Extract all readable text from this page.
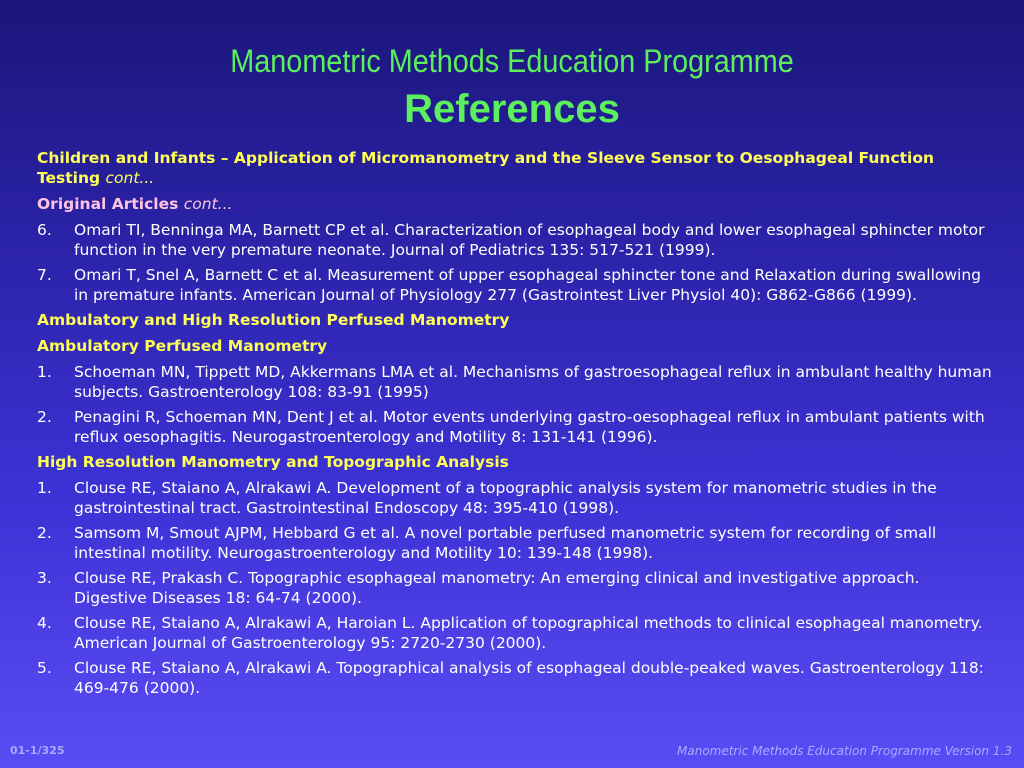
Manometric Methods Education Programme
References
Children and Infants – Application of Micromanometry and the Sleeve Sensor to Oesophageal Function Testing cont...
Original Articles cont...
6.	Omari TI, Benninga MA, Barnett CP et al. Characterization of esophageal body and lower esophageal sphincter motor function in the very premature neonate. Journal of Pediatrics 135: 517-521 (1999).
7.	Omari T, Snel A, Barnett C et al. Measurement of upper esophageal sphincter tone and Relaxation during swallowing in premature infants. American Journal of Physiology 277 (Gastrointest Liver Physiol 40): G862-G866 (1999).
Ambulatory and High Resolution Perfused Manometry
Ambulatory Perfused Manometry
1.	Schoeman MN, Tippett MD, Akkermans LMA et al. Mechanisms of gastroesophageal reflux in ambulant healthy human subjects. Gastroenterology 108: 83-91 (1995)
2.	Penagini R, Schoeman MN, Dent J et al. Motor events underlying gastro-oesophageal reflux in ambulant patients with reflux oesophagitis. Neurogastroenterology and Motility 8: 131-141 (1996).
High Resolution Manometry and Topographic Analysis
1.	Clouse RE, Staiano A, Alrakawi A. Development of a topographic analysis system for manometric studies in the gastrointestinal tract. Gastrointestinal Endoscopy 48: 395-410 (1998).
2.	Samsom M, Smout AJPM, Hebbard G et al. A novel portable perfused manometric system for recording of small intestinal motility. Neurogastroenterology and Motility 10: 139-148 (1998).
3.	Clouse RE, Prakash C. Topographic esophageal manometry: An emerging clinical and investigative approach. Digestive Diseases 18: 64-74 (2000).
4.	Clouse RE, Staiano A, Alrakawi A, Haroian L. Application of topographical methods to clinical esophageal manometry. American Journal of Gastroenterology 95: 2720-2730 (2000).
5.	Clouse RE, Staiano A, Alrakawi A. Topographical analysis of esophageal double-peaked waves. Gastroenterology 118: 469-476 (2000).
01-1/325	Manometric Methods Education Programme Version 1.3
